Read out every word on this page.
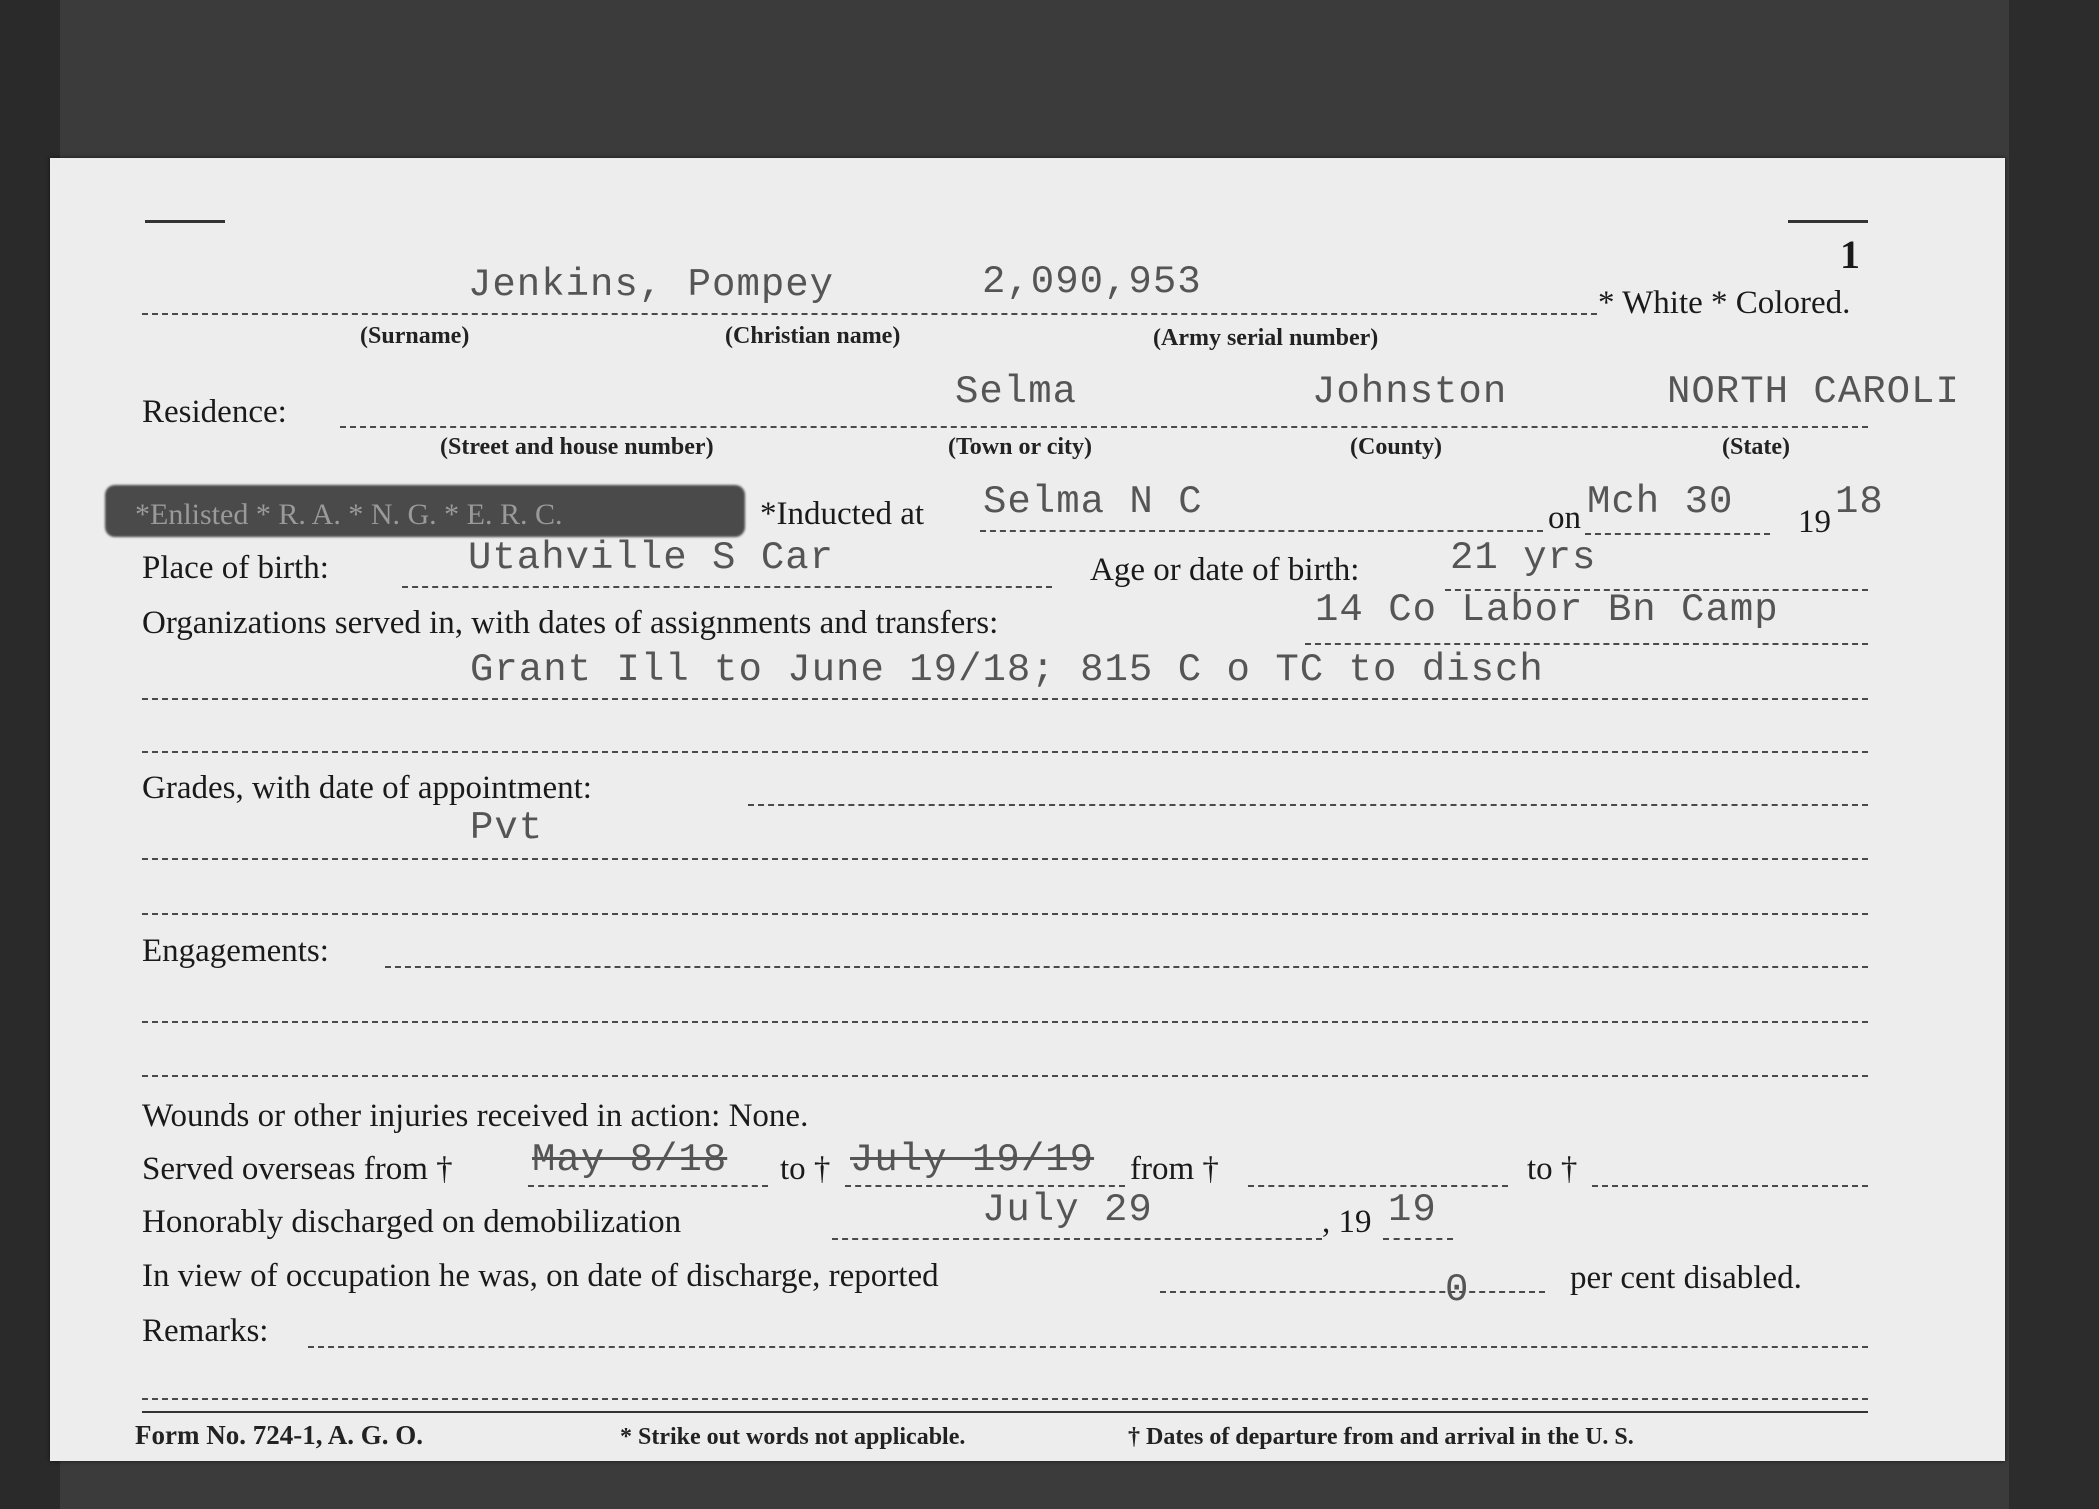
1
Jenkins, Pompey	2,090,953	* White * Colored.
(Surname)	(Christian name)	(Army serial number)
Residence:	Selma	Johnston	NORTH CAROLI
(Street and house number)	(Town or city)	(County)	(State)
*Enlisted * R. A. * N. G. * E. R. C.	*Inducted at Selma N C	on Mch 30 19 18
Place of birth:	Utahville S Car	Age or date of birth: 21 yrs
Organizations served in, with dates of assignments and transfers:	14 Co Labor Bn Camp
Grant Ill to June 19/18; 815 C o TC to disch
Grades, with date of appointment:
Pvt
Engagements:
Wounds or other injuries received in action: None.
Served overseas from † May 8/18 to † July 19/19 from †	to †
Honorably discharged on demobilization	July 29	, 19 19
In view of occupation he was, on date of discharge, reported	0	per cent disabled.
Remarks:
Form No. 724-1, A. G. O.	* Strike out words not applicable.	† Dates of departure from and arrival in the U. S.
